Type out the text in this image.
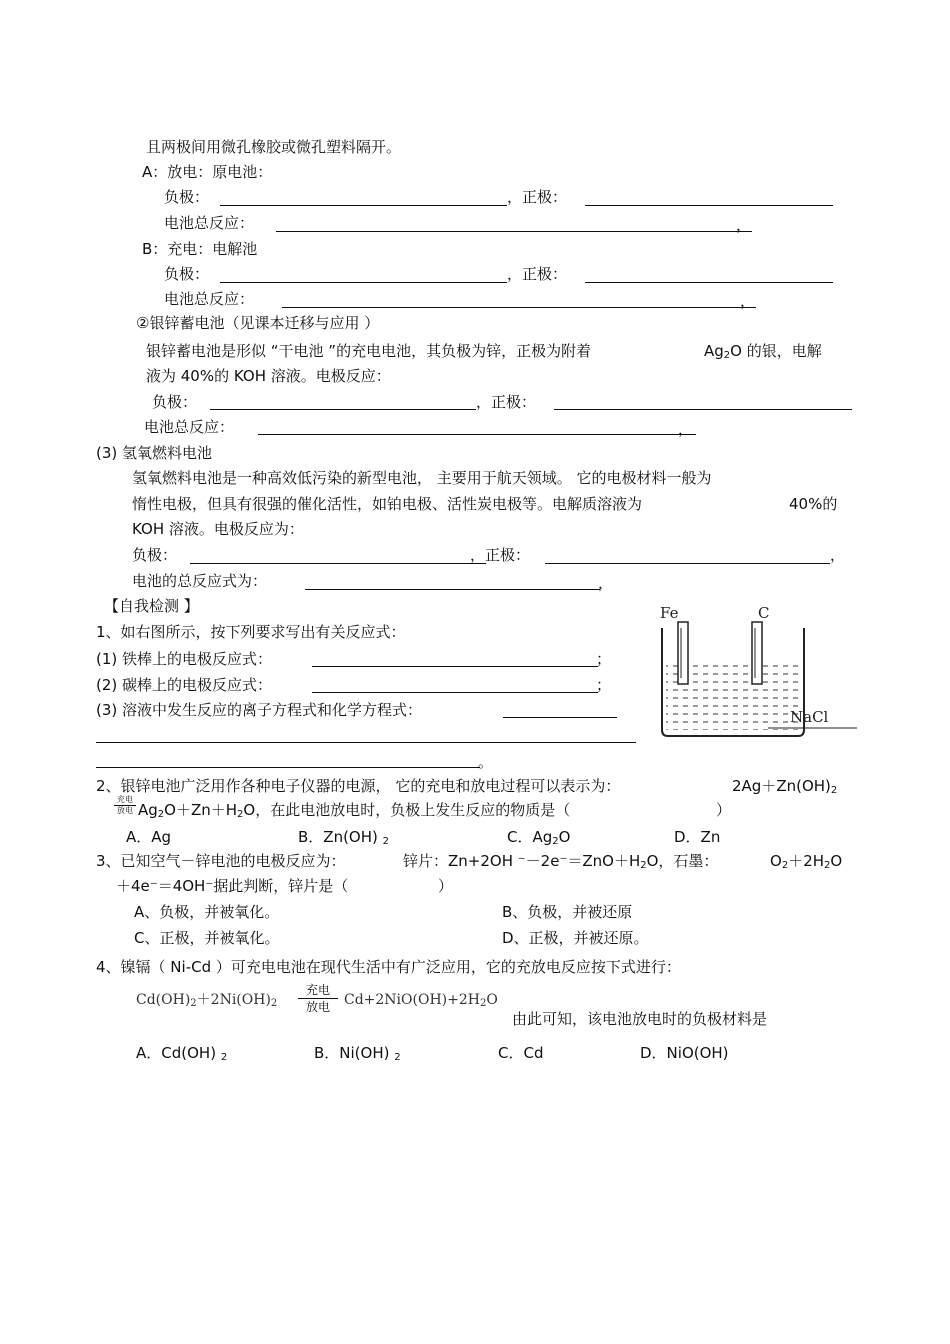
且两极间用微孔橡胶或微孔塑料隔开。
A：放电：原电池：
负极：	，正极：
电池总反应：	，
B：充电：电解池
负极：	，正极：
电池总反应：	，
②银锌蓄电池（见课本迁移与应用 ）
银锌蓄电池是形似 “干电池 ”的充电电池，其负极为锌，正极为附着	$Ag_2O$ 的银，电解
液为 40%的 KOH 溶液。电极反应：
负极：	，正极：
电池总反应：	，
(3) 氢氧燃料电池
氢氧燃料电池是一种高效低污染的新型电池， 主要用于航天领域。 它的电极材料一般为
惰性电极，但具有很强的催化活性，如铂电极、活性炭电极等。电解质溶液为	40%的
KOH 溶液。电极反应为：
负极：	，正极：	，
电池的总反应式为：	，
【自我检测 】
1、如右图所示，按下列要求写出有关反应式：
(1) 铁棒上的电极反应式：	；
(2) 碳棒上的电极反应式：	；
(3) 溶液中发生反应的离子方程式和化学方程式：
。
Fe	C
NaCl
2、银锌电池广泛用作各种电子仪器的电源， 它的充电和放电过程可以表示为：	$2Ag+Zn(OH)_2$
充电
放电 $Ag_2O+Zn+H_2O$，在此电池放电时，负极上发生反应的物质是（	）
A．Ag	B．Zn(OH) $_2$	C．$Ag_2O$	D．Zn
3、已知空气－锌电池的电极反应为：	锌片：Zn+2OH $^--2e^-=ZnO+H_2O$，石墨：	$O_2+2H_2O$
＋4e⁻＝4OH⁻据此判断，锌片是（	）
A、负极，并被氧化。	B、负极，并被还原
C、正极，并被氧化。	D、正极，并被还原。
4、镍镉（ Ni-Cd ）可充电电池在现代生活中有广泛应用，它的充放电反应按下式进行：
$Cd(OH)_2+2Ni(OH)_2$
充电
放电	$Cd+2NiO(OH)+2H_2O$
由此可知，该电池放电时的负极材料是
A．Cd(OH) $_2$	B．Ni(OH) $_2$	C．Cd	D．NiO(OH)
